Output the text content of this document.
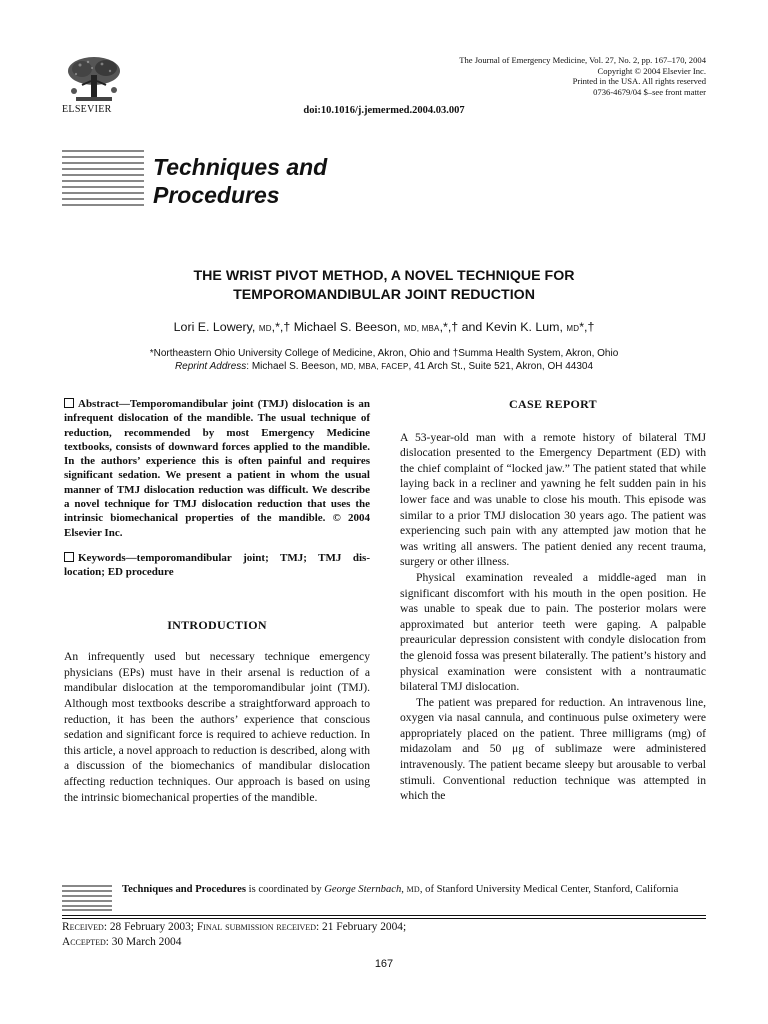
ELSEVIER
The Journal of Emergency Medicine, Vol. 27, No. 2, pp. 167–170, 2004
Copyright © 2004 Elsevier Inc.
Printed in the USA. All rights reserved
0736-4679/04 $–see front matter
doi:10.1016/j.jemermed.2004.03.007
Techniques and
Procedures
THE WRIST PIVOT METHOD, A NOVEL TECHNIQUE FOR
TEMPOROMANDIBULAR JOINT REDUCTION
Lori E. Lowery, MD,*,† Michael S. Beeson, MD, MBA,*,† and Kevin K. Lum, MD*,†
*Northeastern Ohio University College of Medicine, Akron, Ohio and †Summa Health System, Akron, Ohio
Reprint Address: Michael S. Beeson, MD, MBA, FACEP, 41 Arch St., Suite 521, Akron, OH 44304

Abstract—Temporomandibular joint (TMJ) dislocation is an infrequent dislocation of the mandible. The usual technique of reduction, recommended by most Emergency Medicine textbooks, consists of downward forces applied to the mandible. In the authors’ experience this is often painful and requires significant sedation. We present a patient in whom the usual manner of TMJ dislocation reduction was difficult. We describe a novel technique for TMJ dislocation reduction that uses the intrinsic biomechanical properties of the mandible. © 2004 Elsevier Inc.

Keywords—temporomandibular joint; TMJ; TMJ dislocation; ED procedure

INTRODUCTION

An infrequently used but necessary technique emergency physicians (EPs) must have in their arsenal is reduction of a mandibular dislocation at the temporomandibular joint (TMJ). Although most textbooks describe a straightforward approach to reduction, it has been the authors’ experience that conscious sedation and significant force is required to achieve reduction. In this article, a novel approach to reduction is described, along with a discussion of the biomechanics of mandibular dislocation affecting reduction techniques. Our approach is based on using the intrinsic biomechanical properties of the mandible.

CASE REPORT

A 53-year-old man with a remote history of bilateral TMJ dislocation presented to the Emergency Department (ED) with the chief complaint of “locked jaw.” The patient stated that while laying back in a recliner and yawning he felt sudden pain in his lower face and was unable to close his mouth. This episode was similar to a prior TMJ dislocation 30 years ago. The patient was experiencing such pain with any attempted jaw motion that he was writing all answers. The patient denied any recent trauma, surgery or other illness.

Physical examination revealed a middle-aged man in significant discomfort with his mouth in the open position. He was unable to speak due to pain. The posterior molars were approximated but anterior teeth were gaping. A palpable preauricular depression consistent with condyle dislocation from the glenoid fossa was present bilaterally. The patient’s history and physical examination were consistent with a nontraumatic bilateral TMJ dislocation.

The patient was prepared for reduction. An intravenous line, oxygen via nasal cannula, and continuous pulse oximetery were appropriately placed on the patient. Three milligrams (mg) of midazolam and 50 μg of sublimaze were administered intravenously. The patient became sleepy but arousable to verbal stimuli. Conventional reduction technique was attempted in which the

Techniques and Procedures is coordinated by George Sternbach, MD, of Stanford University Medical Center, Stanford, California
Received: 28 February 2003; Final submission received: 21 February 2004;
Accepted: 30 March 2004
167
